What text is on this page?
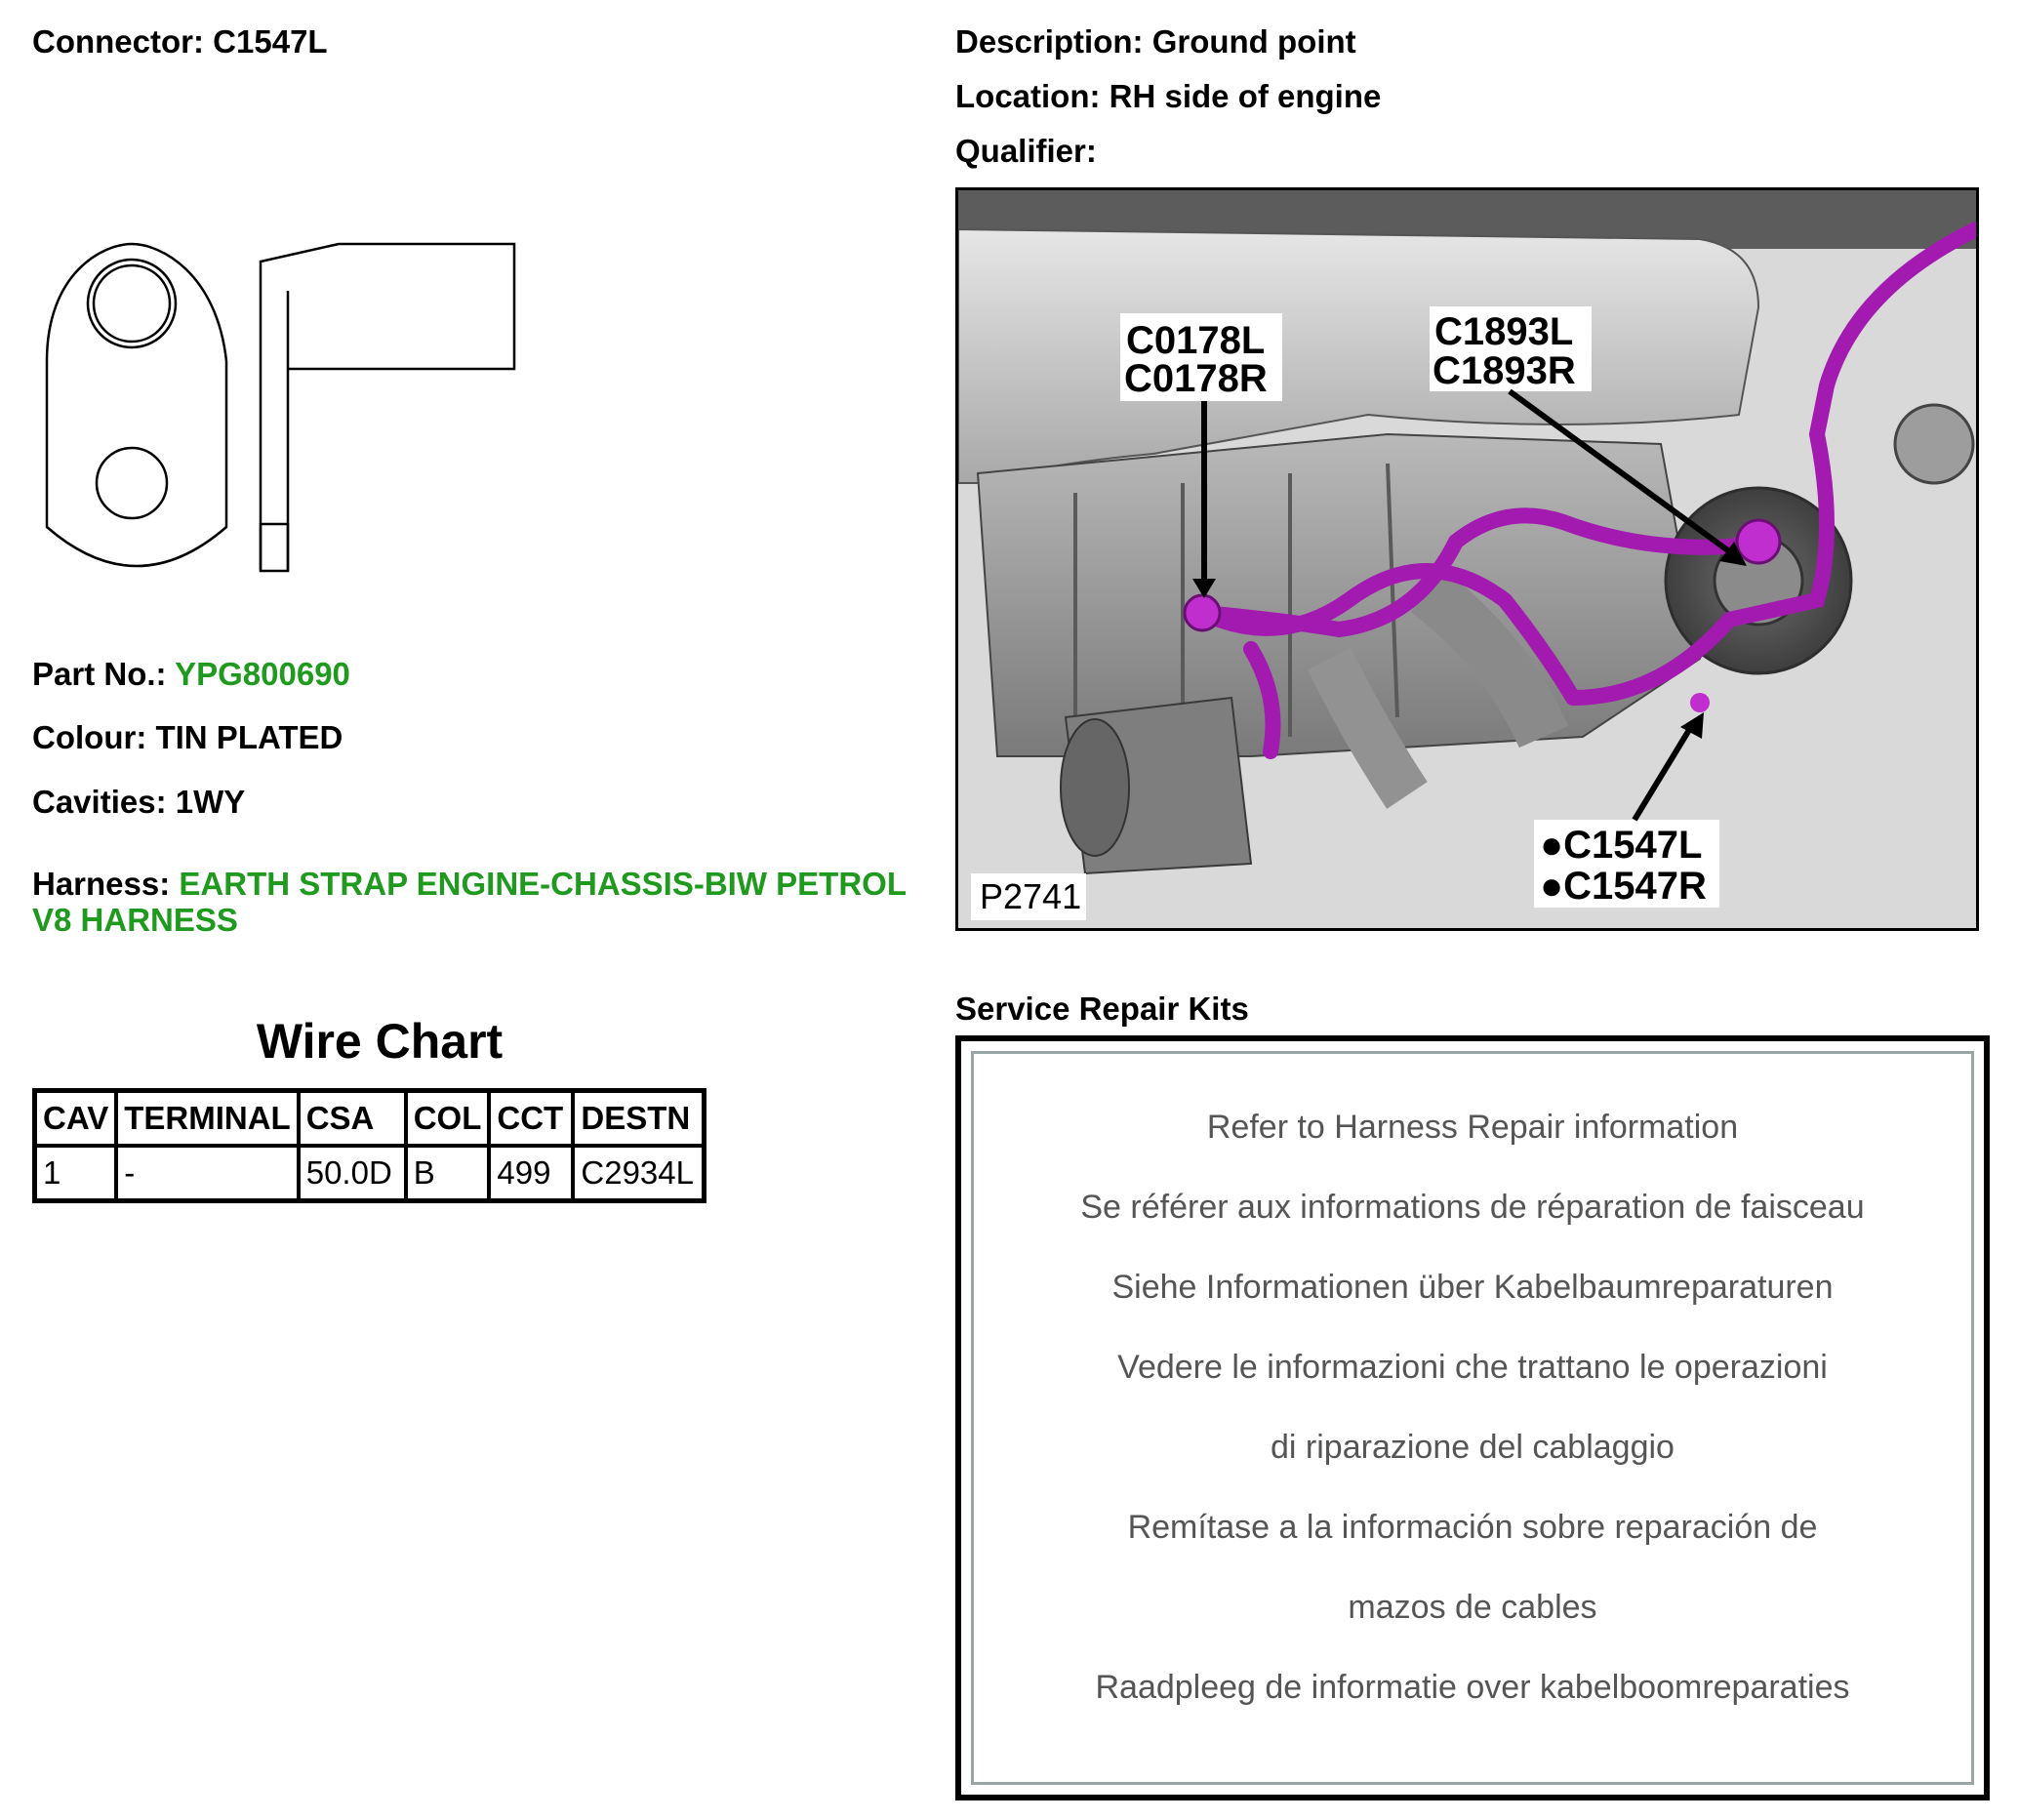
Connector: C1547L
Part No.: YPG800690
Colour: TIN PLATED
Cavities: 1WY
Harness: EARTH STRAP ENGINE-CHASSIS-BIW PETROL
V8 HARNESS
Wire Chart
CAV	TERMINAL	CSA	COL	CCT	DESTN
1	-	50.0D	B	499	C2934L
Description: Ground point
Location: RH side of engine
Qualifier:
C0178L
C0178R
C1893L
C1893R
●C1547L
●C1547R
P2741
Service Repair Kits
Refer to Harness Repair information
Se référer aux informations de réparation de faisceau
Siehe Informationen über Kabelbaumreparaturen
Vedere le informazioni che trattano le operazioni
di riparazione del cablaggio
Remítase a la información sobre reparación de
mazos de cables
Raadpleeg de informatie over kabelboomreparaties
